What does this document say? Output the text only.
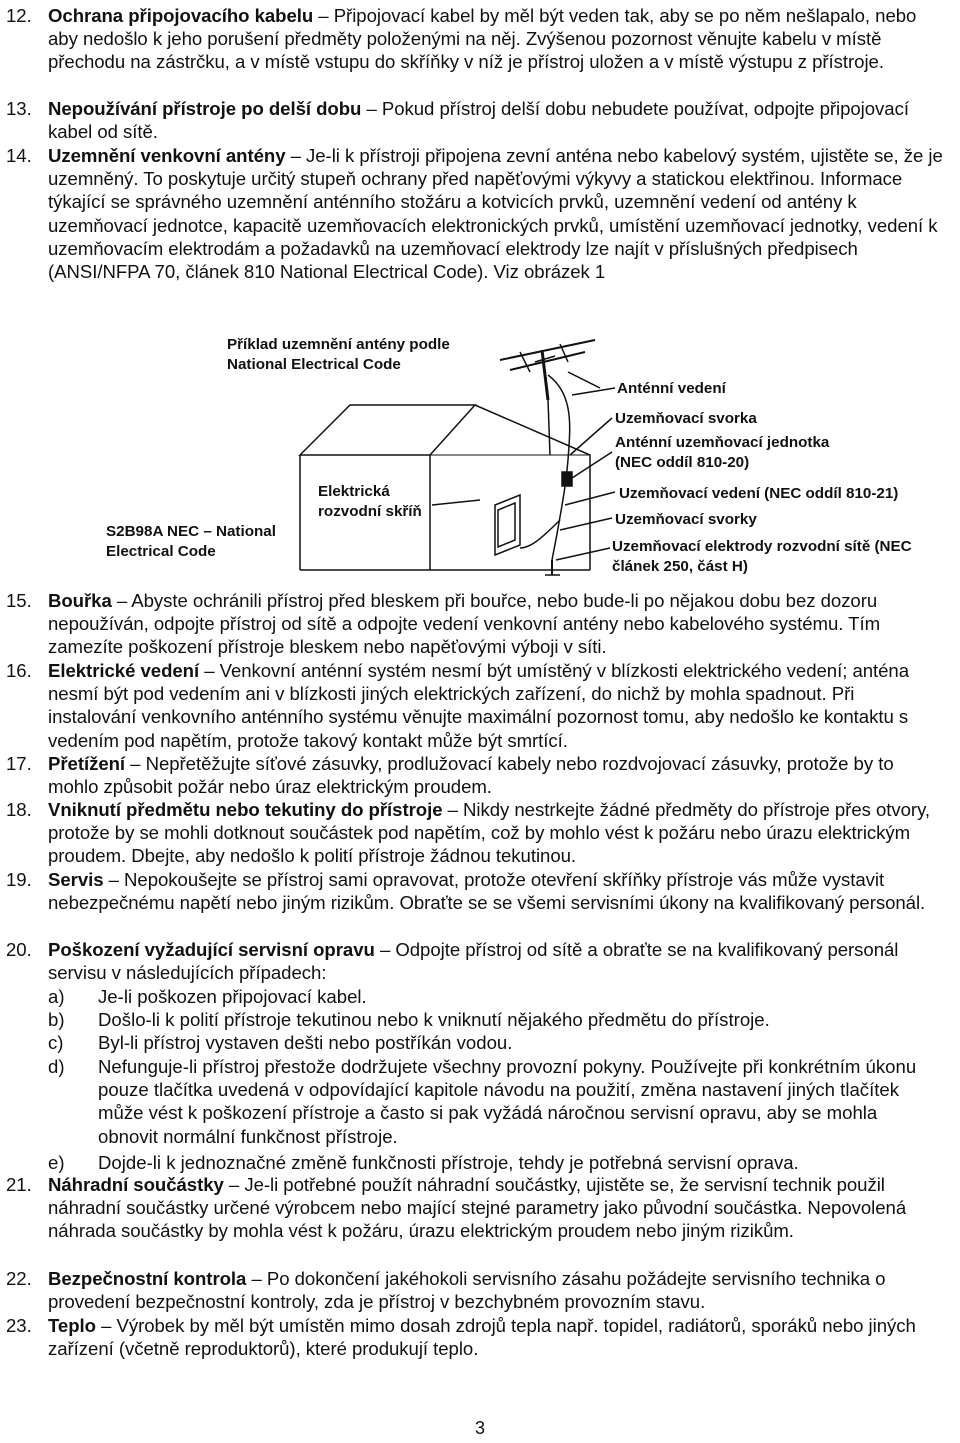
12. Ochrana připojovacího kabelu – Připojovací kabel by měl být veden tak, aby se po něm nešlapalo, nebo aby nedošlo k jeho porušení předměty položenými na něj. Zvýšenou pozornost věnujte kabelu v místě přechodu na zástrčku, a v místě vstupu do skříňky v níž je přístroj uložen a v místě výstupu z přístroje.
13. Nepoužívání přístroje po delší dobu – Pokud přístroj delší dobu nebudete používat, odpojte připojovací kabel od sítě.
14. Uzemnění venkovní antény – Je-li k přístroji připojena zevní anténa nebo kabelový systém, ujistěte se, že je uzemněný. To poskytuje určitý stupeň ochrany před napěťovými výkyvy a statickou elektřinou. Informace týkající se správného uzemnění anténního stožáru a kotvicích prvků, uzemnění vedení od antény k uzemňovací jednotce, kapacitě uzemňovacích elektronických prvků, umístění uzemňovací jednotky, vedení k uzemňovacím elektrodám a požadavků na uzemňovací elektrody lze najít v příslušných předpisech (ANSI/NFPA 70, článek 810 National Electrical Code). Viz obrázek 1
Příklad uzemnění antény podle
National Electrical Code
Elektrická
rozvodní skříň
S2B98A NEC – National
Electrical Code
Anténní vedení
Uzemňovací svorka
Anténní uzemňovací jednotka
(NEC oddíl 810-20)
Uzemňovací vedení (NEC oddíl 810-21)
Uzemňovací svorky
Uzemňovací elektrody rozvodní sítě (NEC
článek 250, část H)
15. Bouřka – Abyste ochránili přístroj před bleskem při bouřce, nebo bude-li po nějakou dobu bez dozoru nepoužíván, odpojte přístroj od sítě a odpojte vedení venkovní antény nebo kabelového systému. Tím zamezíte poškození přístroje bleskem nebo napěťovými výboji v síti.
16. Elektrické vedení – Venkovní anténní systém nesmí být umístěný v blízkosti elektrického vedení; anténa nesmí být pod vedením ani v blízkosti jiných elektrických zařízení, do nichž by mohla spadnout. Při instalování venkovního anténního systému věnujte maximální pozornost tomu, aby nedošlo ke kontaktu s vedením pod napětím, protože takový kontakt může být smrtící.
17. Přetížení – Nepřetěžujte síťové zásuvky, prodlužovací kabely nebo rozdvojovací zásuvky, protože by to mohlo způsobit požár nebo úraz elektrickým proudem.
18. Vniknutí předmětu nebo tekutiny do přístroje – Nikdy nestrkejte žádné předměty do přístroje přes otvory, protože by se mohli dotknout součástek pod napětím, což by mohlo vést k požáru nebo úrazu elektrickým proudem. Dbejte, aby nedošlo k polití přístroje žádnou tekutinou.
19. Servis – Nepokoušejte se přístroj sami opravovat, protože otevření skříňky přístroje vás může vystavit nebezpečnému napětí nebo jiným rizikům. Obraťte se se všemi servisními úkony na kvalifikovaný personál.
20. Poškození vyžadující servisní opravu – Odpojte přístroj od sítě a obraťte se na kvalifikovaný personál servisu v následujících případech:
a) Je-li poškozen připojovací kabel.
b) Došlo-li k polití přístroje tekutinou nebo k vniknutí nějakého předmětu do přístroje.
c) Byl-li přístroj vystaven dešti nebo postříkán vodou.
d) Nefunguje-li přístroj přestože dodržujete všechny provozní pokyny. Používejte při konkrétním úkonu pouze tlačítka uvedená v odpovídající kapitole návodu na použití, změna nastavení jiných tlačítek může vést k poškození přístroje a často si pak vyžádá náročnou servisní opravu, aby se mohla obnovit normální funkčnost přístroje.
e) Dojde-li k jednoznačné změně funkčnosti přístroje, tehdy je potřebná servisní oprava.
21. Náhradní součástky – Je-li potřebné použít náhradní součástky, ujistěte se, že servisní technik použil náhradní součástky určené výrobcem nebo mající stejné parametry jako původní součástka. Nepovolená náhrada součástky by mohla vést k požáru, úrazu elektrickým proudem nebo jiným rizikům.
22. Bezpečnostní kontrola – Po dokončení jakéhokoli servisního zásahu požádejte servisního technika o provedení bezpečnostní kontroly, zda je přístroj v bezchybném provozním stavu.
23. Teplo – Výrobek by měl být umístěn mimo dosah zdrojů tepla např. topidel, radiátorů, sporáků nebo jiných zařízení (včetně reproduktorů), které produkují teplo.
3
